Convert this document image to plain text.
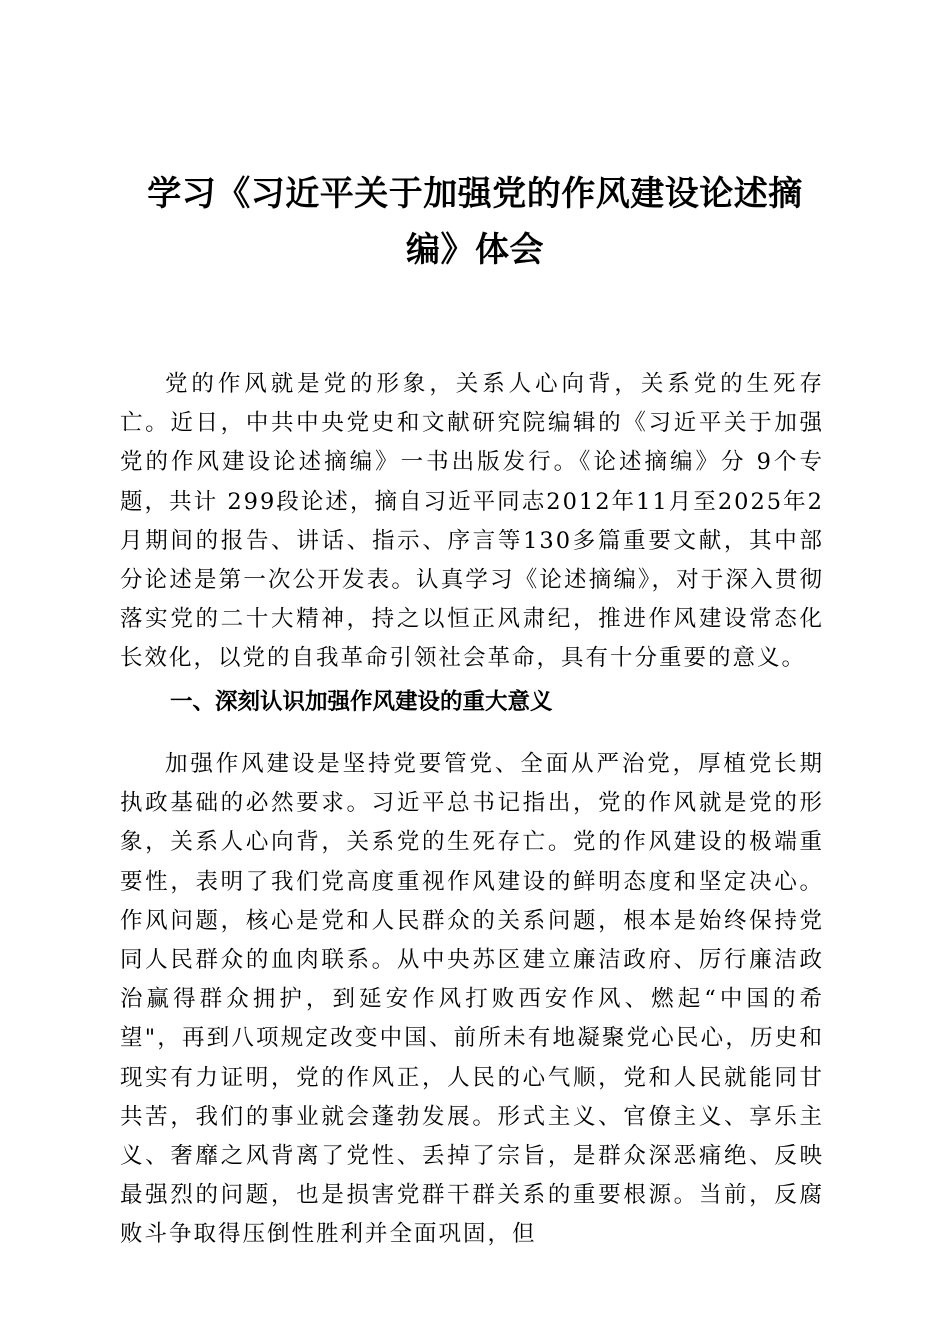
学习《习近平关于加强党的作风建设论述摘
编》体会

党的作风就是党的形象，关系人心向背，关系党的生死存亡。近日，中共中央党史和文献研究院编辑的《习近平关于加强党的作风建设论述摘编》一书出版发行。《论述摘编》分 9个专题，共计 299段论述，摘自习近平同志2012年11月至2025年2月期间的报告、讲话、指示、序言等130多篇重要文献，其中部分论述是第一次公开发表。认真学习《论述摘编》，对于深入贯彻落实党的二十大精神，持之以恒正风肃纪，推进作风建设常态化长效化，以党的自我革命引领社会革命，具有十分重要的意义。

一、深刻认识加强作风建设的重大意义

加强作风建设是坚持党要管党、全面从严治党，厚植党长期执政基础的必然要求。习近平总书记指出，党的作风就是党的形象，关系人心向背，关系党的生死存亡。党的作风建设的极端重要性，表明了我们党高度重视作风建设的鲜明态度和坚定决心。作风问题，核心是党和人民群众的关系问题，根本是始终保持党同人民群众的血肉联系。从中央苏区建立廉洁政府、厉行廉洁政治赢得群众拥护，到延安作风打败西安作风、燃起“中国的希望"，再到八项规定改变中国、前所未有地凝聚党心民心，历史和现实有力证明，党的作风正，人民的心气顺，党和人民就能同甘共苦，我们的事业就会蓬勃发展。形式主义、官僚主义、享乐主义、奢靡之风背离了党性、丢掉了宗旨，是群众深恶痛绝、反映最强烈的问题，也是损害党群干群关系的重要根源。当前，反腐败斗争取得压倒性胜利并全面巩固，但
